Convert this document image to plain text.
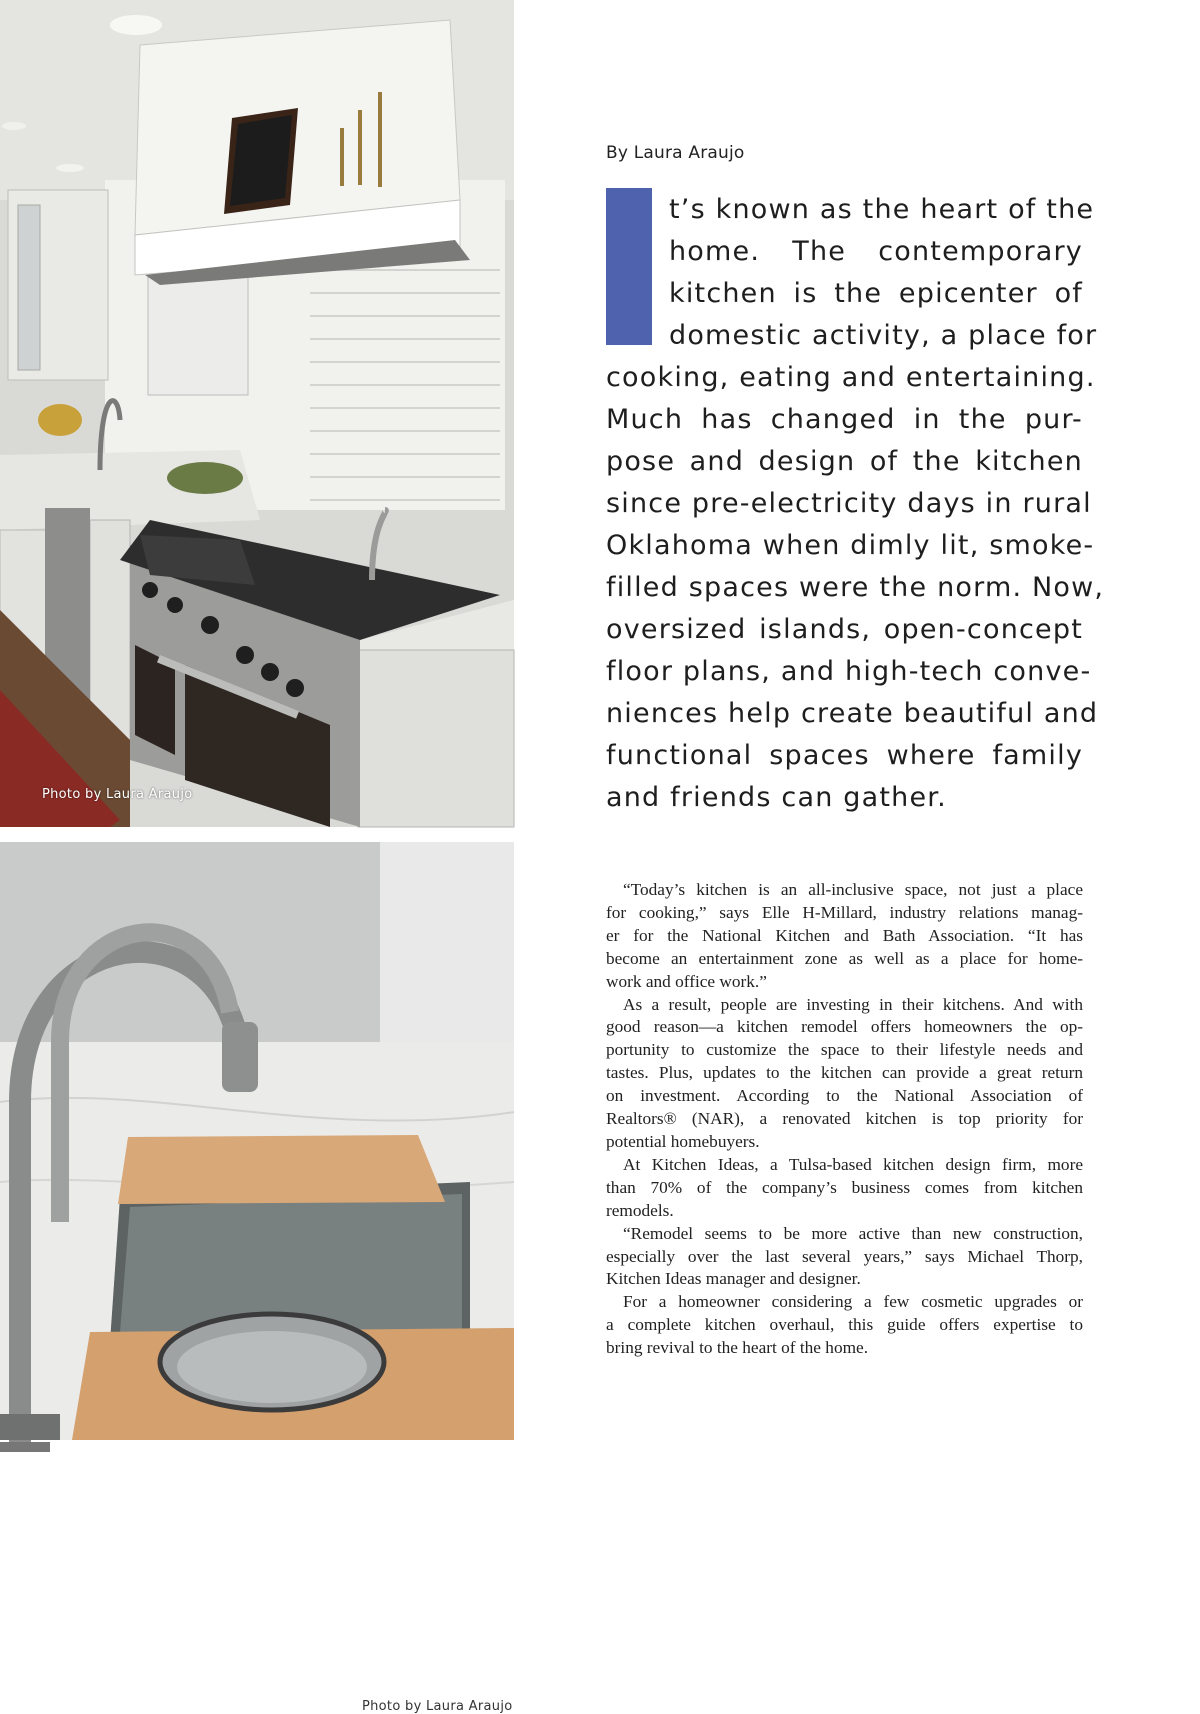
Photo by Laura Araujo
Photo by Laura Araujo
By Laura Araujo
t’s known as the heart of the
home. The contemporary
kitchen is the epicenter of
domestic activity, a place for
cooking, eating and entertaining.
Much has changed in the pur-
pose and design of the kitchen
since pre-electricity days in rural
Oklahoma when dimly lit, smoke-
filled spaces were the norm. Now,
oversized islands, open-concept
floor plans, and high-tech conve-
niences help create beautiful and
functional spaces where family
and friends can gather.
“Today’s kitchen is an all-inclusive space, not just a place
for cooking,” says Elle H-Millard, industry relations manag-
er for the National Kitchen and Bath Association. “It has
become an entertainment zone as well as a place for home-
work and office work.”
As a result, people are investing in their kitchens. And with
good reason—a kitchen remodel offers homeowners the op-
portunity to customize the space to their lifestyle needs and
tastes. Plus, updates to the kitchen can provide a great return
on investment. According to the National Association of
Realtors® (NAR), a renovated kitchen is top priority for
potential homebuyers.
At Kitchen Ideas, a Tulsa-based kitchen design firm, more
than 70% of the company’s business comes from kitchen
remodels.
“Remodel seems to be more active than new construction,
especially over the last several years,” says Michael Thorp,
Kitchen Ideas manager and designer.
For a homeowner considering a few cosmetic upgrades or
a complete kitchen overhaul, this guide offers expertise to
bring revival to the heart of the home.
